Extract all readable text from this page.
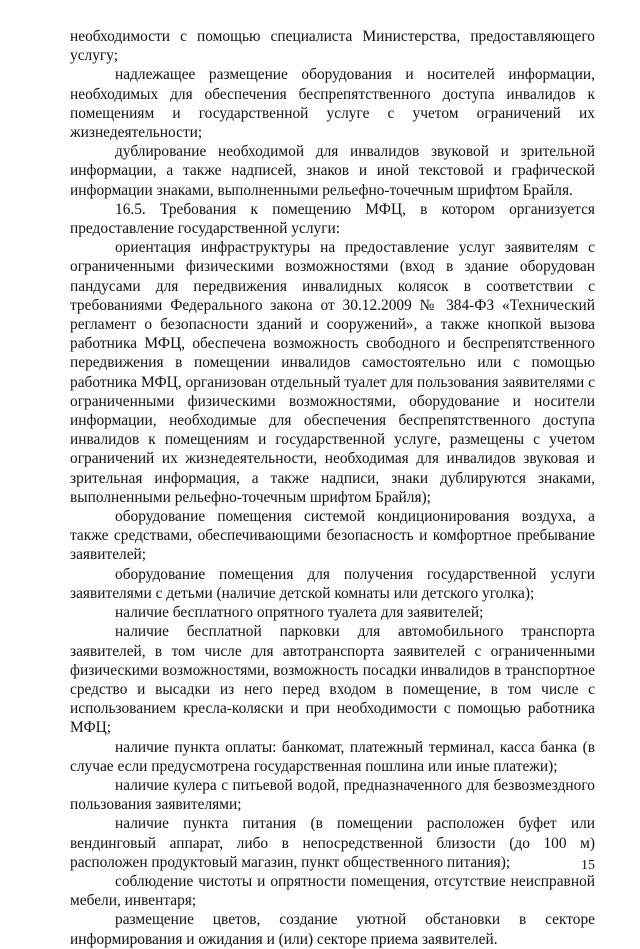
необходимости с помощью специалиста Министерства, предоставляющего услугу;

надлежащее размещение оборудования и носителей информации, необходимых для обеспечения беспрепятственного доступа инвалидов к помещениям и государственной услуге с учетом ограничений их жизнедеятельности;

дублирование необходимой для инвалидов звуковой и зрительной информации, а также надписей, знаков и иной текстовой и графической информации знаками, выполненными рельефно-точечным шрифтом Брайля.

16.5. Требования к помещению МФЦ, в котором организуется предоставление государственной услуги:

ориентация инфраструктуры на предоставление услуг заявителям с ограниченными физическими возможностями (вход в здание оборудован пандусами для передвижения инвалидных колясок в соответствии с требованиями Федерального закона от 30.12.2009 № 384-ФЗ «Технический регламент о безопасности зданий и сооружений», а также кнопкой вызова работника МФЦ, обеспечена возможность свободного и беспрепятственного передвижения в помещении инвалидов самостоятельно или с помощью работника МФЦ, организован отдельный туалет для пользования заявителями с ограниченными физическими возможностями, оборудование и носители информации, необходимые для обеспечения беспрепятственного доступа инвалидов к помещениям и государственной услуге, размещены с учетом ограничений их жизнедеятельности, необходимая для инвалидов звуковая и зрительная информация, а также надписи, знаки дублируются знаками, выполненными рельефно-точечным шрифтом Брайля);

оборудование помещения системой кондиционирования воздуха, а также средствами, обеспечивающими безопасность и комфортное пребывание заявителей;

оборудование помещения для получения государственной услуги заявителями с детьми (наличие детской комнаты или детского уголка);

наличие бесплатного опрятного туалета для заявителей;

наличие бесплатной парковки для автомобильного транспорта заявителей, в том числе для автотранспорта заявителей с ограниченными физическими возможностями, возможность посадки инвалидов в транспортное средство и высадки из него перед входом в помещение, в том числе с использованием кресла-коляски и при необходимости с помощью работника МФЦ;

наличие пункта оплаты: банкомат, платежный терминал, касса банка (в случае если предусмотрена государственная пошлина или иные платежи);

наличие кулера с питьевой водой, предназначенного для безвозмездного пользования заявителями;

наличие пункта питания (в помещении расположен буфет или вендинговый аппарат, либо в непосредственной близости (до 100 м) расположен продуктовый магазин, пункт общественного питания);

соблюдение чистоты и опрятности помещения, отсутствие неисправной мебели, инвентаря;

размещение цветов, создание уютной обстановки в секторе информирования и ожидания и (или) секторе приема заявителей.

15
